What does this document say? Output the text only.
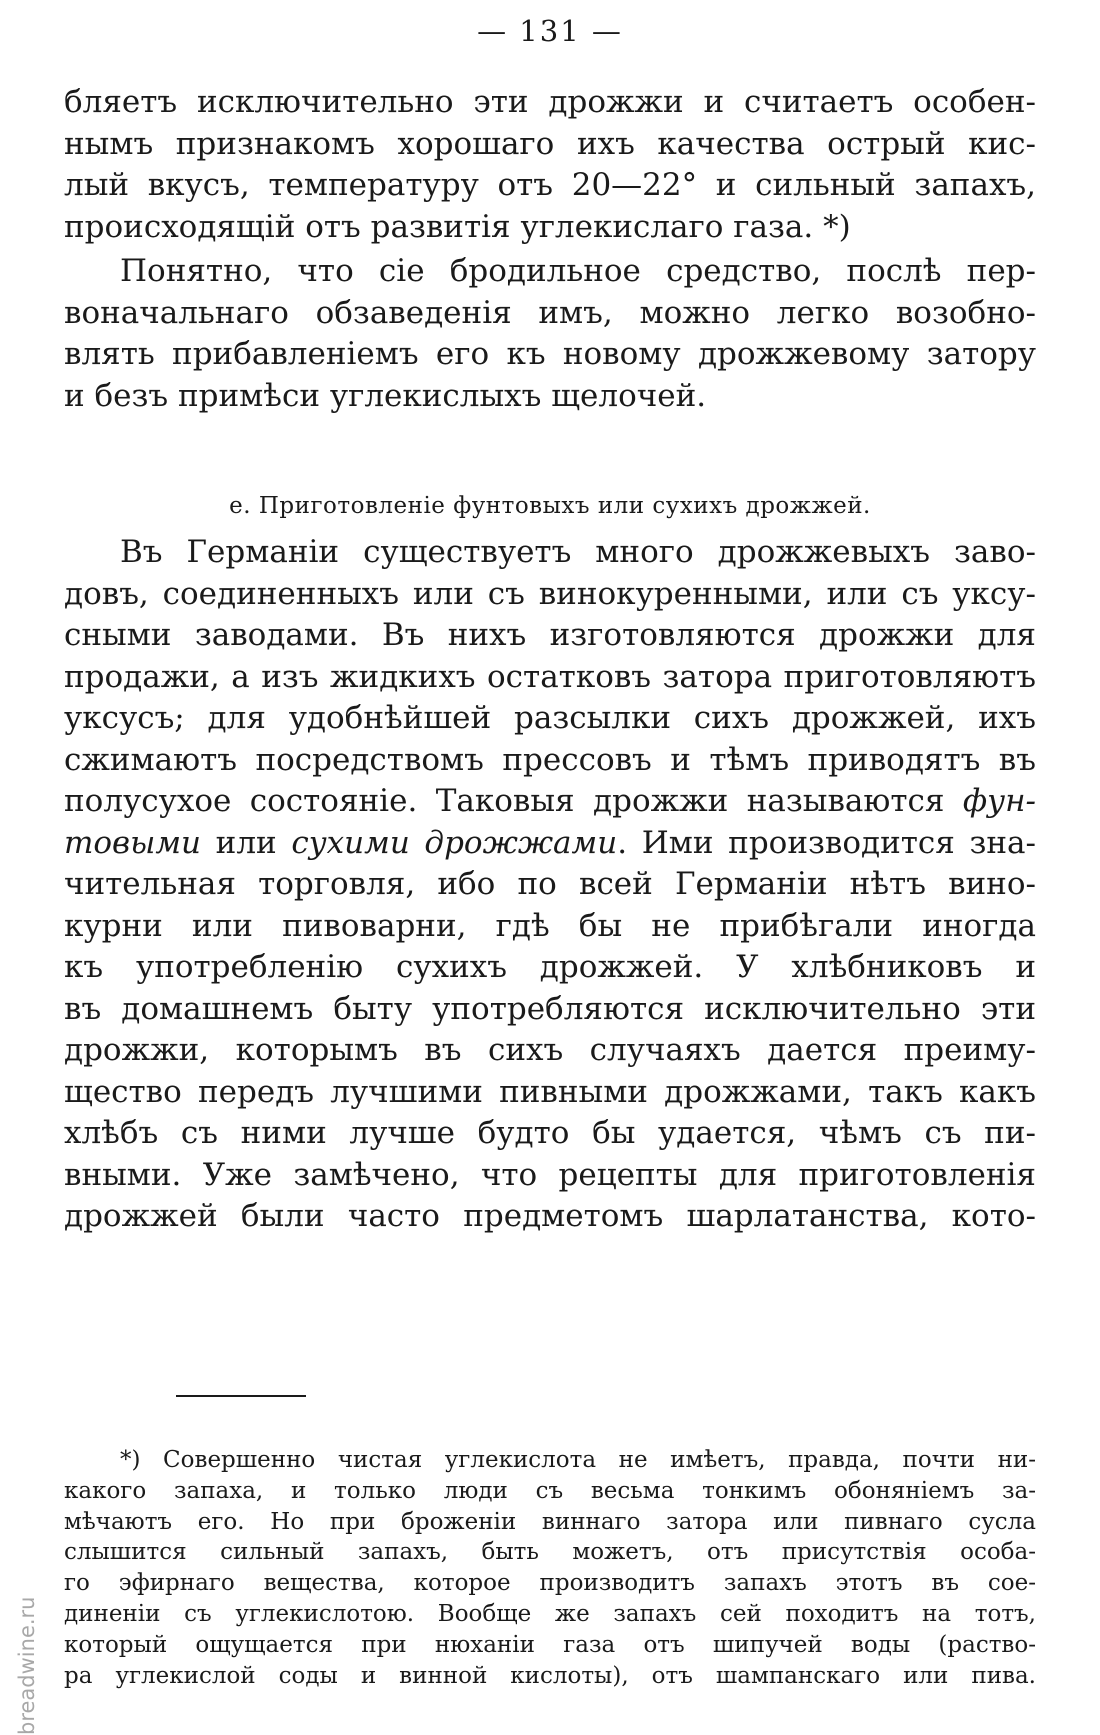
— 131 —
бляетъ исключительно эти дрожжи и считаетъ особен-
нымъ признакомъ хорошаго ихъ качества острый кис-
лый вкусъ, температуру отъ 20—22° и сильный запахъ,
происходящій отъ развитія углекислаго газа. *)
Понятно, что сіе бродильное средство, послѣ пер-
воначальнаго обзаведенія имъ, можно легко возобно-
влять прибавленіемъ его къ новому дрожжевому затору
и безъ примѣси углекислыхъ щелочей.
е. Приготовленіе фунтовыхъ или сухихъ дрожжей.
Въ Германіи существуетъ много дрожжевыхъ заво-
довъ, соединенныхъ или съ винокуренными, или съ уксу-
сными заводами. Въ нихъ изготовляются дрожжи для
продажи, а изъ жидкихъ остатковъ затора приготовляютъ
уксусъ; для удобнѣйшей разсылки сихъ дрожжей, ихъ
сжимаютъ посредствомъ прессовъ и тѣмъ приводятъ въ
полусухое состояніе. Таковыя дрожжи называются фун-
товыми или сухими дрожжами. Ими производится зна-
чительная торговля, ибо по всей Германіи нѣтъ вино-
курни или пивоварни, гдѣ бы не прибѣгали иногда
къ употребленію сухихъ дрожжей. У хлѣбниковъ и
въ домашнемъ быту употребляются исключительно эти
дрожжи, которымъ въ сихъ случаяхъ дается преиму-
щество передъ лучшими пивными дрожжами, такъ какъ
хлѣбъ съ ними лучше будто бы удается, чѣмъ съ пи-
вными. Уже замѣчено, что рецепты для приготовленія
дрожжей были часто предметомъ шарлатанства, кото-
*) Совершенно чистая углекислота не имѣетъ, правда, почти ни-
какого запаха, и только люди съ весьма тонкимъ обоняніемъ за-
мѣчаютъ его. Но при броженіи виннаго затора или пивнаго сусла
слышится сильный запахъ, быть можетъ, отъ присутствія особа-
го эфирнаго вещества, которое производитъ запахъ этотъ въ сое-
диненіи съ углекислотою. Вообще же запахъ сей походитъ на тотъ,
который ощущается при нюханіи газа отъ шипучей воды (раство-
ра углекислой соды и винной кислоты), отъ шампанскаго или пива.
breadwine.ru
